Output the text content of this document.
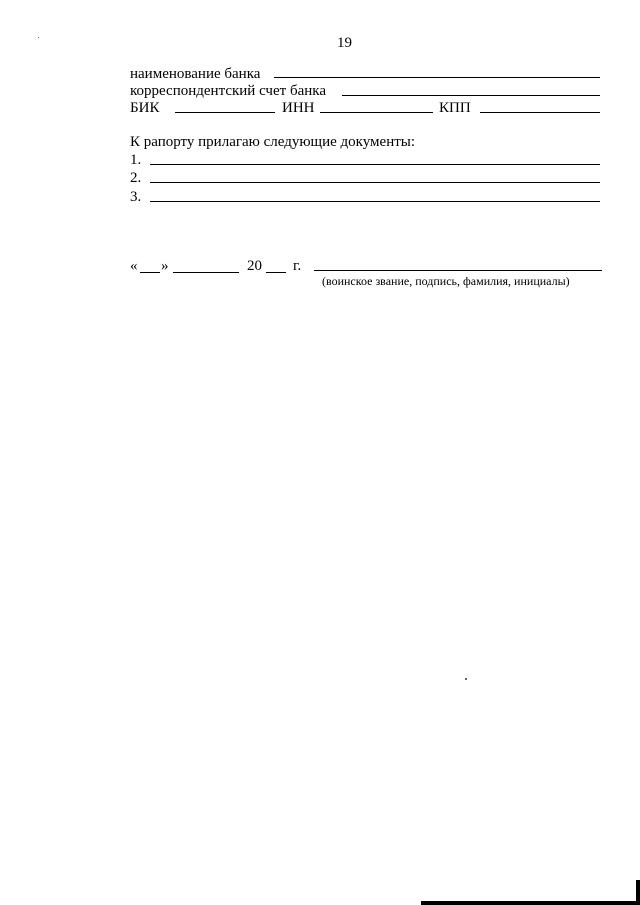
19
наименование банка
корреспондентский счет банка
БИК	ИНН	КПП
К рапорту прилагаю следующие документы:
1.
2.
3.
« »	20 г.
(воинское звание, подпись, фамилия, инициалы)
